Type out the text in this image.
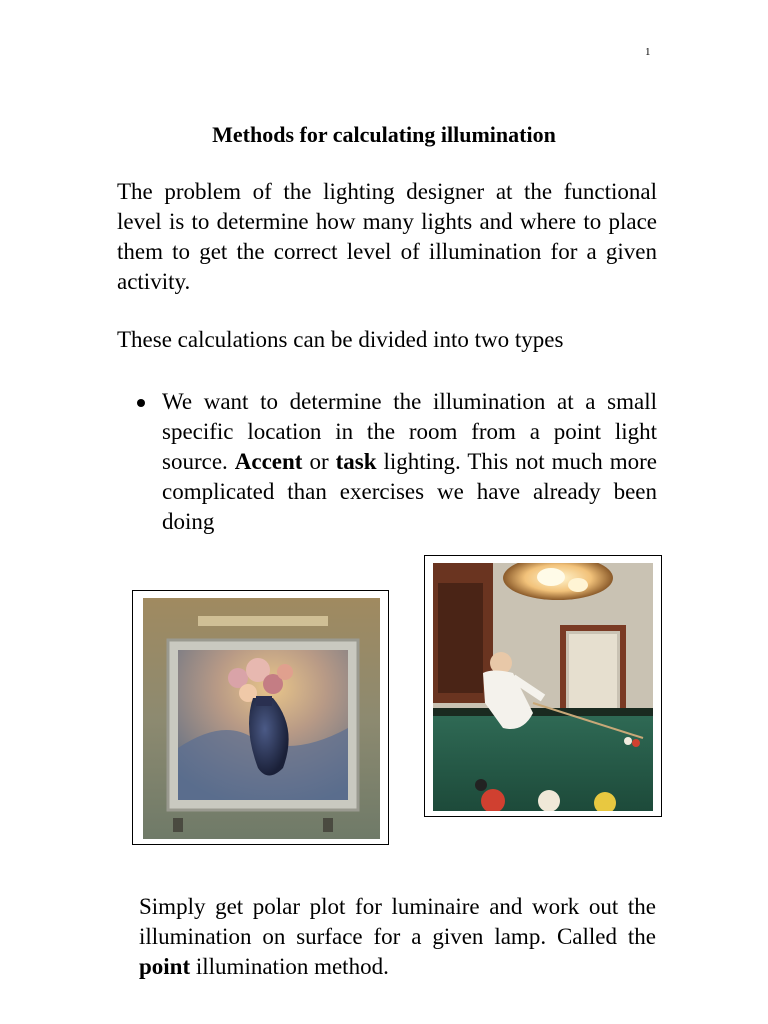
1
Methods for calculating illumination

The problem of the lighting designer at the functional level is to determine how many lights and where to place them to get the correct level of illumination for a given activity.

These calculations can be divided into two types

We want to determine the illumination at a small specific location in the room from a point light source. Accent or task lighting. This not much more complicated than exercises we have already been doing

Simply get polar plot for luminaire and work out the illumination on surface for a given lamp. Called the point illumination method.
